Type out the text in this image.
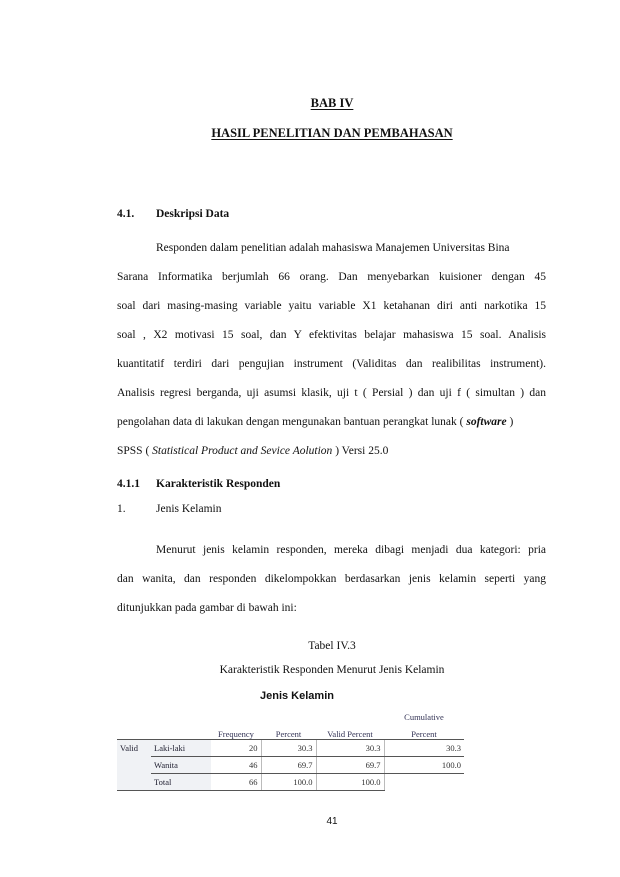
BAB IV
HASIL PENELITIAN DAN PEMBAHASAN
4.1. Deskripsi Data
Responden dalam penelitian adalah mahasiswa Manajemen Universitas Bina
Sarana Informatika berjumlah 66 orang. Dan menyebarkan kuisioner dengan 45
soal dari masing-masing variable yaitu variable X1 ketahanan diri anti narkotika 15
soal , X2 motivasi 15 soal, dan Y efektivitas belajar mahasiswa 15 soal. Analisis
kuantitatif terdiri dari pengujian instrument (Validitas dan realibilitas instrument).
Analisis regresi berganda, uji asumsi klasik, uji t ( Persial ) dan uji f ( simultan ) dan
pengolahan data di lakukan dengan mengunakan bantuan perangkat lunak ( software )
SPSS ( Statistical Product and Sevice Aolution ) Versi 25.0
4.1.1 Karakteristik Responden
1.	Jenis Kelamin
Menurut jenis kelamin responden, mereka dibagi menjadi dua kategori: pria
dan wanita, dan responden dikelompokkan berdasarkan jenis kelamin seperti yang
ditunjukkan pada gambar di bawah ini:
Tabel IV.3
Karakteristik Responden Menurut Jenis Kelamin
Jenis Kelamin
		Frequency	Percent	Valid Percent	Cumulative
					Percent
Valid	Laki-laki	20	30.3	30.3	30.3
	Wanita	46	69.7	69.7	100.0
	Total	66	100.0	100.0	
41
